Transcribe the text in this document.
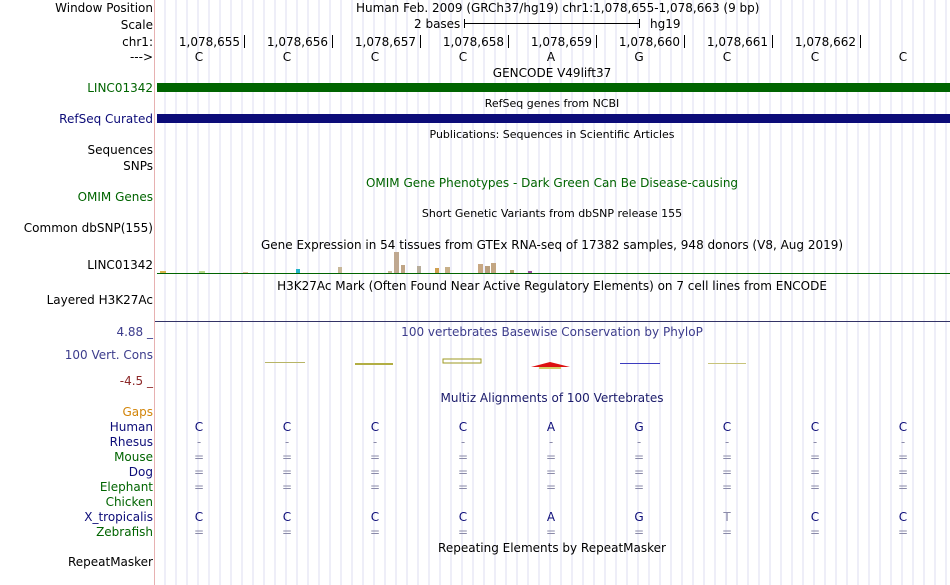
Window Position	Human Feb. 2009 (GRCh37/hg19) chr1:1,078,655-1,078,663 (9 bp)
Scale	2 bases	hg19
chr1: 1,078,655 1,078,656 1,078,657 1,078,658 1,078,659 1,078,660 1,078,661 1,078,662
--->	C	C	C	C	A	G	C	C	C
GENCODE V49lift37
LINC01342
RefSeq genes from NCBI
RefSeq Curated
Publications: Sequences in Scientific Articles
Sequences
SNPs
OMIM Gene Phenotypes - Dark Green Can Be Disease-causing
OMIM Genes
Short Genetic Variants from dbSNP release 155
Common dbSNP(155)
Gene Expression in 54 tissues from GTEx RNA-seq of 17382 samples, 948 donors (V8, Aug 2019)
LINC01342
H3K27Ac Mark (Often Found Near Active Regulatory Elements) on 7 cell lines from ENCODE
Layered H3K27Ac
100 vertebrates Basewise Conservation by PhyloP
4.88 _
100 Vert. Cons
-4.5 _
Multiz Alignments of 100 Vertebrates
Gaps
Human	C	C	C	C	A	G	C	C	C
Rhesus	-	-	-	-	-	-	-	-	-
Mouse	=	=	=	=	=	=	=	=	=
Dog	=	=	=	=	=	=	=	=	=
Elephant	=	=	=	=	=	=	=	=	=
Chicken
X_tropicalis	C	C	C	C	A	G	T	C	C
Zebrafish	=	=	=	=	=	=	=	=	=
Repeating Elements by RepeatMasker
RepeatMasker
